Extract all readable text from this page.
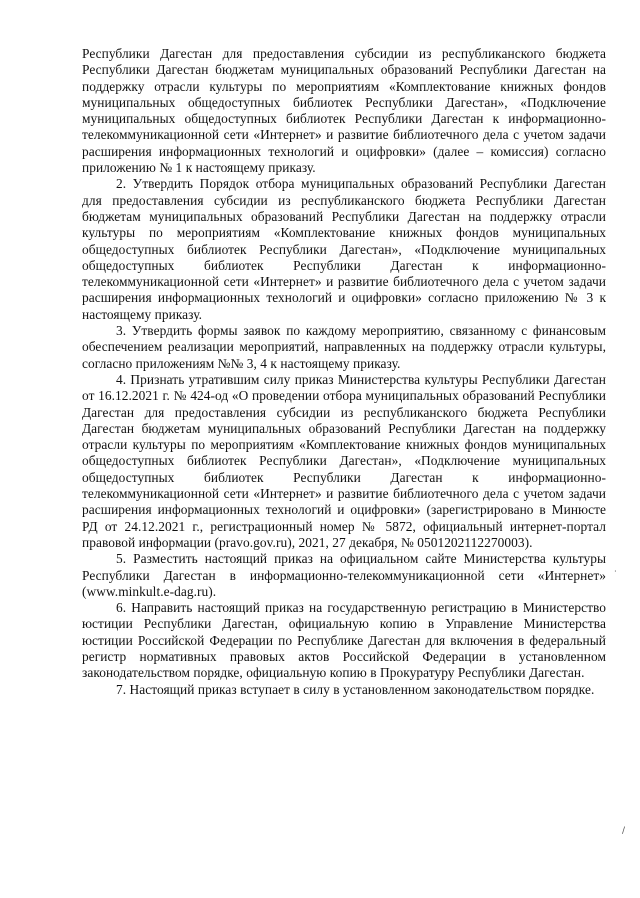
Республики Дагестан для предоставления субсидии из республиканского бюджета Республики Дагестан бюджетам муниципальных образований Республики Дагестан на поддержку отрасли культуры по мероприятиям «Комплектование книжных фондов муниципальных общедоступных библиотек Республики Дагестан», «Подключение муниципальных общедоступных библиотек Республики Дагестан к информационно-телекоммуникационной сети «Интернет» и развитие библиотечного дела с учетом задачи расширения информационных технологий и оцифровки» (далее – комиссия) согласно приложению № 1 к настоящему приказу.

2. Утвердить Порядок отбора муниципальных образований Республики Дагестан для предоставления субсидии из республиканского бюджета Республики Дагестан бюджетам муниципальных образований Республики Дагестан на поддержку отрасли культуры по мероприятиям «Комплектование книжных фондов муниципальных общедоступных библиотек Республики Дагестан», «Подключение муниципальных общедоступных библиотек Республики Дагестан к информационно-телекоммуникационной сети «Интернет» и развитие библиотечного дела с учетом задачи расширения информационных технологий и оцифровки» согласно приложению № 3 к настоящему приказу.

3. Утвердить формы заявок по каждому мероприятию, связанному с финансовым обеспечением реализации мероприятий, направленных на поддержку отрасли культуры, согласно приложениям №№ 3, 4 к настоящему приказу.

4. Признать утратившим силу приказ Министерства культуры Республики Дагестан от 16.12.2021 г. № 424-од «О проведении отбора муниципальных образований Республики Дагестан для предоставления субсидии из республиканского бюджета Республики Дагестан бюджетам муниципальных образований Республики Дагестан на поддержку отрасли культуры по мероприятиям «Комплектование книжных фондов муниципальных общедоступных библиотек Республики Дагестан», «Подключение муниципальных общедоступных библиотек Республики Дагестан к информационно-телекоммуникационной сети «Интернет» и развитие библиотечного дела с учетом задачи расширения информационных технологий и оцифровки» (зарегистрировано в Минюсте РД от 24.12.2021 г., регистрационный номер № 5872, официальный интернет-портал правовой информации (pravo.gov.ru), 2021, 27 декабря, № 0501202112270003).

5. Разместить настоящий приказ на официальном сайте Министерства культуры Республики Дагестан в информационно-телекоммуникационной сети «Интернет» (www.minkult.e-dag.ru).

6. Направить настоящий приказ на государственную регистрацию в Министерство юстиции Республики Дагестан, официальную копию в Управление Министерства юстиции Российской Федерации по Республике Дагестан для включения в федеральный регистр нормативных правовых актов Российской Федерации в установленном законодательством порядке, официальную копию в Прокуратуру Республики Дагестан.

7. Настоящий приказ вступает в силу в установленном законодательством порядке.

⸒
∕
